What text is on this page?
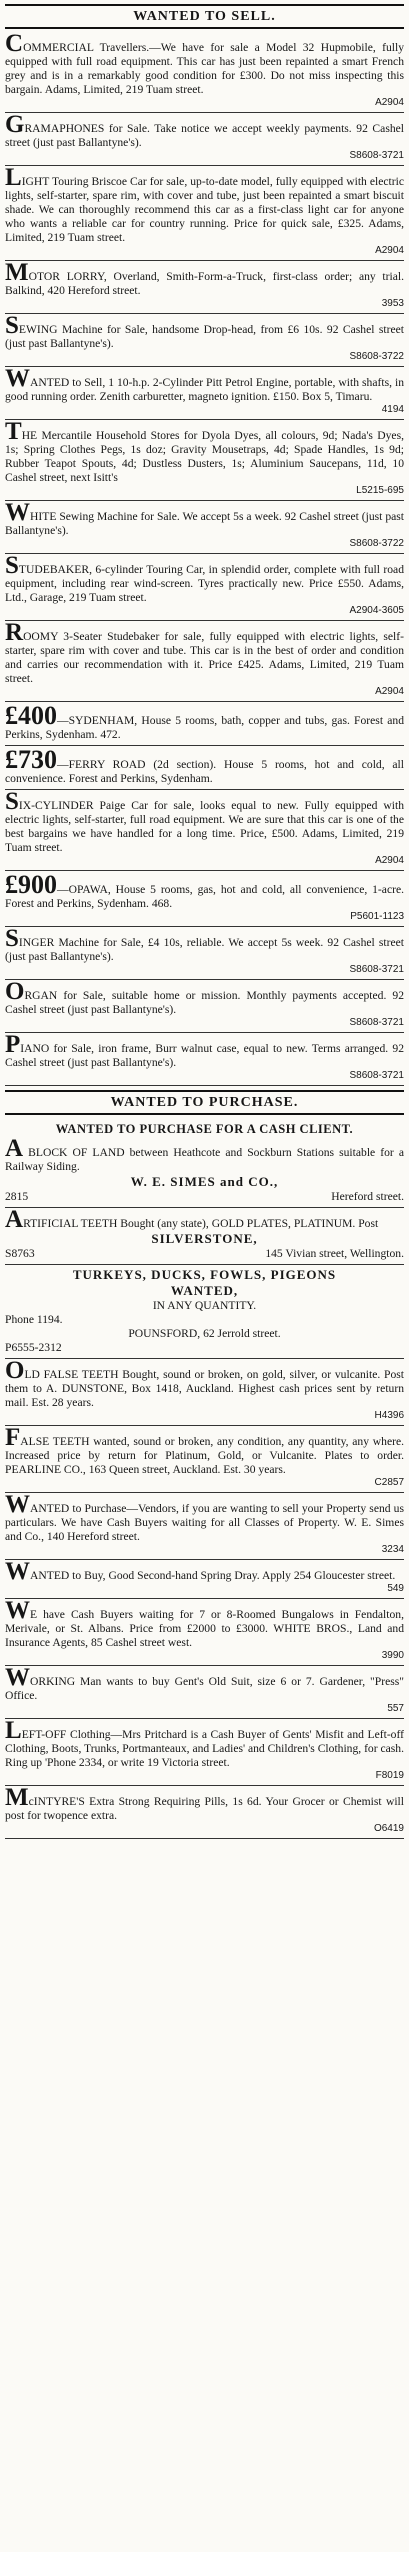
WANTED TO SELL.

COMMERCIAL Travellers.—We have for sale a Model 32 Hupmobile, fully equipped with full road equipment. This car has just been repainted a smart French grey and is in a remarkably good condition for £300. Do not miss inspecting this bargain. Adams, Limited, 219 Tuam street.

A2904

GRAMAPHONES for Sale. Take notice we accept weekly payments. 92 Cashel street (just past Ballantyne's).

S8608-3721

LIGHT Touring Briscoe Car for sale, up-to-date model, fully equipped with electric lights, self-starter, spare rim, with cover and tube, just been repainted a smart biscuit shade. We can thoroughly recommend this car as a first-class light car for anyone who wants a reliable car for country running. Price for quick sale, £325. Adams, Limited, 219 Tuam street.

A2904

MOTOR LORRY, Overland, Smith-Form-a-Truck, first-class order; any trial. Balkind, 420 Hereford street.

3953

SEWING Machine for Sale, handsome Drop-head, from £6 10s. 92 Cashel street (just past Ballantyne's).

S8608-3722

WANTED to Sell, 1 10-h.p. 2-Cylinder Pitt Petrol Engine, portable, with shafts, in good running order. Zenith carburetter, magneto ignition. £150. Box 5, Timaru.

4194

THE Mercantile Household Stores for Dyola Dyes, all colours, 9d; Nada's Dyes, 1s; Spring Clothes Pegs, 1s doz; Gravity Mousetraps, 4d; Spade Handles, 1s 9d; Rubber Teapot Spouts, 4d; Dustless Dusters, 1s; Aluminium Saucepans, 11d, 10 Cashel street, next Isitt's

L5215-695

WHITE Sewing Machine for Sale. We accept 5s a week. 92 Cashel street (just past Ballantyne's).

S8608-3722

STUDEBAKER, 6-cylinder Touring Car, in splendid order, complete with full road equipment, including rear wind-screen. Tyres practically new. Price £550. Adams, Ltd., Garage, 219 Tuam street.

A2904-3605

ROOMY 3-Seater Studebaker for sale, fully equipped with electric lights, self-starter, spare rim with cover and tube. This car is in the best of order and condition and carries our recommendation with it. Price £425. Adams, Limited, 219 Tuam street.

A2904

£400—SYDENHAM, House 5 rooms, bath, copper and tubs, gas. Forest and Perkins, Sydenham. 472.

£730—FERRY ROAD (2d section). House 5 rooms, hot and cold, all convenience. Forest and Perkins, Sydenham.

SIX-CYLINDER Paige Car for sale, looks equal to new. Fully equipped with electric lights, self-starter, full road equipment. We are sure that this car is one of the best bargains we have handled for a long time. Price, £500. Adams, Limited, 219 Tuam street.

A2904

£900—OPAWA, House 5 rooms, gas, hot and cold, all convenience, 1-acre. Forest and Perkins, Sydenham. 468.

P5601-1123

SINGER Machine for Sale, £4 10s, reliable. We accept 5s week. 92 Cashel street (just past Ballantyne's).

S8608-3721

ORGAN for Sale, suitable home or mission. Monthly payments accepted. 92 Cashel street (just past Ballantyne's).

S8608-3721

PIANO for Sale, iron frame, Burr walnut case, equal to new. Terms arranged. 92 Cashel street (just past Ballantyne's).

S8608-3721
WANTED TO PURCHASE.
WANTED TO PURCHASE FOR A CASH CLIENT.

A BLOCK OF LAND between Heathcote and Sockburn Stations suitable for a Railway Siding.

W. E. SIMES and CO.,

2815	Hereford street.

ARTIFICIAL TEETH Bought (any state), GOLD PLATES, PLATINUM. Post

SILVERSTONE,

S8763	145 Vivian street, Wellington.

TURKEYS, DUCKS, FOWLS, PIGEONS

WANTED,

IN ANY QUANTITY.

Phone 1194.

POUNSFORD, 62 Jerrold street.

P6555-2312

OLD FALSE TEETH Bought, sound or broken, on gold, silver, or vulcanite. Post them to A. DUNSTONE, Box 1418, Auckland. Highest cash prices sent by return mail. Est. 28 years.

H4396

FALSE TEETH wanted, sound or broken, any condition, any quantity, any where. Increased price by return for Platinum, Gold, or Vulcanite. Plates to order. PEARLINE CO., 163 Queen street, Auckland. Est. 30 years.

C2857

WANTED to Purchase—Vendors, if you are wanting to sell your Property send us particulars. We have Cash Buyers waiting for all Classes of Property. W. E. Simes and Co., 140 Hereford street.

3234

WANTED to Buy, Good Second-hand Spring Dray. Apply 254 Gloucester street.

549

WE have Cash Buyers waiting for 7 or 8-Roomed Bungalows in Fendalton, Merivale, or St. Albans. Price from £2000 to £3000. WHITE BROS., Land and Insurance Agents, 85 Cashel street west.

3990

WORKING Man wants to buy Gent's Old Suit, size 6 or 7. Gardener, "Press" Office.

557

LEFT-OFF Clothing—Mrs Pritchard is a Cash Buyer of Gents' Misfit and Left-off Clothing, Boots, Trunks, Portmanteaux, and Ladies' and Children's Clothing, for cash. Ring up 'Phone 2334, or write 19 Victoria street.

F8019

McINTYRE'S Extra Strong Requiring Pills, 1s 6d. Your Grocer or Chemist will post for twopence extra.

O6419
